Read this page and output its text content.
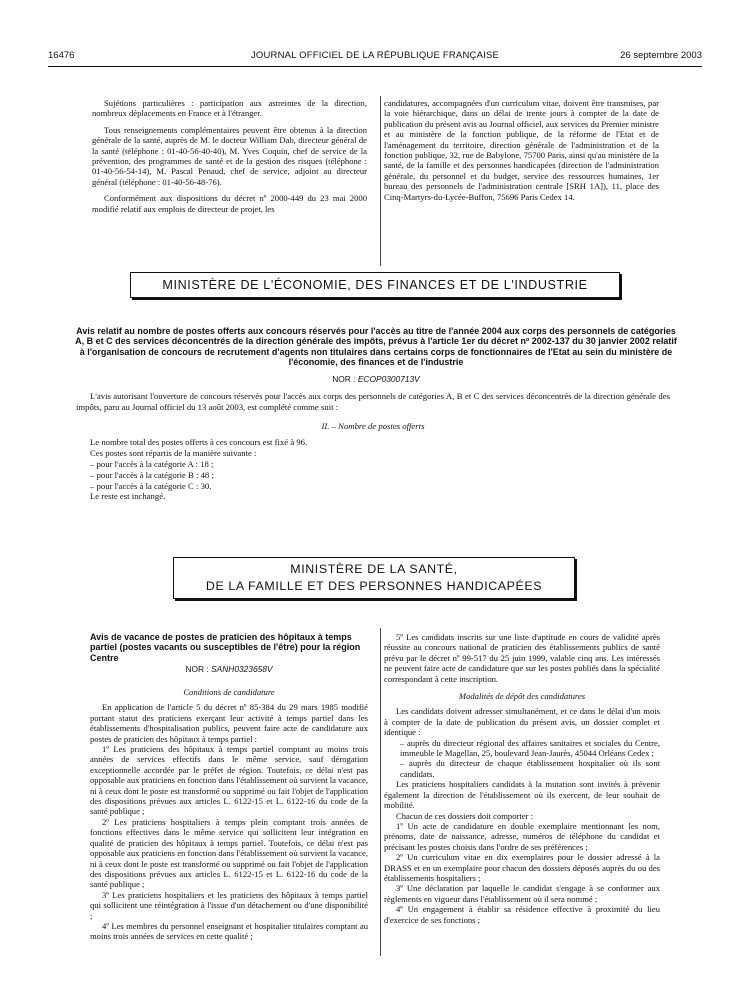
16476	JOURNAL OFFICIEL DE LA RÉPUBLIQUE FRANÇAISE	26 septembre 2003

Sujétions particulières : participation aux astreintes de la direction, nombreux déplacements en France et à l'étranger.

Tous renseignements complémentaires peuvent être obtenus à la direction générale de la santé, auprès de M. le docteur William Dab, directeur général de la santé (téléphone : 01-40-56-40-40), M. Yves Coquin, chef de service de la prévention, des programmes de santé et de la gestion des risques (téléphone : 01-40-56-54-14), M. Pascal Penaud, chef de service, adjoint au directeur général (téléphone : 01-40-56-48-76).

Conformément aux dispositions du décret nº 2000-449 du 23 mai 2000 modifié relatif aux emplois de directeur de projet, les

candidatures, accompagnées d'un curriculum vitae, doivent être transmises, par la voie hiérarchique, dans un délai de trente jours à compter de la date de publication du présent avis au Journal officiel, aux services du Premier ministre et au ministère de la fonction publique, de la réforme de l'Etat et de l'aménagement du territoire, direction générale de l'administration et de la fonction publique, 32, rue de Babylone, 75700 Paris, ainsi qu'au ministère de la santé, de la famille et des personnes handicapées (direction de l'administration générale, du personnel et du budget, service des ressources humaines, 1er bureau des personnels de l'administration centrale [SRH 1A]), 11, place des Cinq-Martyrs-du-Lycée-Buffon, 75696 Paris Cedex 14.

MINISTÈRE DE L'ÉCONOMIE, DES FINANCES ET DE L'INDUSTRIE
Avis relatif au nombre de postes offerts aux concours réservés pour l'accès au titre de l'année 2004 aux corps des personnels de catégories A, B et C des services déconcentrés de la direction générale des impôts, prévus à l'article 1er du décret nº 2002-137 du 30 janvier 2002 relatif à l'organisation de concours de recrutement d'agents non titulaires dans certains corps de fonctionnaires de l'Etat au sein du ministère de l'économie, des finances et de l'industrie
NOR : ECOP0300713V

L'avis autorisant l'ouverture de concours réservés pour l'accès aux corps des personnels de catégories A, B et C des services déconcentrés de la direction générale des impôts, paru au Journal officiel du 13 août 2003, est complété comme suit :

II. – Nombre de postes offerts

Le nombre total des postes offerts à ces concours est fixé à 96.

Ces postes sont répartis de la manière suivante :

– pour l'accès à la catégorie A : 18 ;

– pour l'accès à la catégorie B : 48 ;

– pour l'accès à la catégorie C : 30.

Le reste est inchangé.

MINISTÈRE DE LA SANTÉ,
DE LA FAMILLE ET DES PERSONNES HANDICAPÉES
Avis de vacance de postes de praticien des hôpitaux à temps partiel (postes vacants ou susceptibles de l'être) pour la région Centre
NOR : SANH0323658V

Conditions de candidature

En application de l'article 5 du décret nº 85-384 du 29 mars 1985 modifié portant statut des praticiens exerçant leur activité à temps partiel dans les établissements d'hospitalisation publics, peuvent faire acte de candidature aux postes de praticien des hôpitaux à temps partiel :

1º Les praticiens des hôpitaux à temps partiel comptant au moins trois années de services effectifs dans le même service, sauf dérogation exceptionnelle accordée par le préfet de région. Toutefois, ce délai n'est pas opposable aux praticiens en fonction dans l'établissement où survient la vacance, ni à ceux dont le poste est transformé ou supprimé ou fait l'objet de l'application des dispositions prévues aux articles L. 6122-15 et L. 6122-16 du code de la santé publique ;

2º Les praticiens hospitaliers à temps plein comptant trois années de fonctions effectives dans le même service qui sollicitent leur intégration en qualité de praticien des hôpitaux à temps partiel. Toutefois, ce délai n'est pas opposable aux praticiens en fonction dans l'établissement où survient la vacance, ni à ceux dont le poste est transformé ou supprimé ou fait l'objet de l'application des dispositions prévues aux articles L. 6122-15 et L. 6122-16 du code de la santé publique ;

3º Les praticiens hospitaliers et les praticiens des hôpitaux à temps partiel qui sollicitent une réintégration à l'issue d'un détachement ou d'une disponibilité ;

4º Les membres du personnel enseignant et hospitalier titulaires comptant au moins trois années de services en cette qualité ;

5º Les candidats inscrits sur une liste d'aptitude en cours de validité après réussite au concours national de praticien des établissements publics de santé prévu par le décret nº 99-517 du 25 juin 1999, valable cinq ans. Les intéressés ne peuvent faire acte de candidature que sur les postes publiés dans la spécialité correspondant à cette inscription.

Modalités de dépôt des candidatures

Les candidats doivent adresser simultanément, et ce dans le délai d'un mois à compter de la date de publication du présent avis, un dossier complet et identique :

– auprès du directeur régional des affaires sanitaires et sociales du Centre, immeuble le Magellan, 25, boulevard Jean-Jaurès, 45044 Orléans Cedex ;

– auprès du directeur de chaque établissement hospitalier où ils sont candidats.

Les praticiens hospitaliers candidats à la mutation sont invités à prévenir également la direction de l'établissement où ils exercent, de leur souhait de mobilité.

Chacun de ces dossiers doit comporter :

1º Un acte de candidature en double exemplaire mentionnant les nom, prénoms, date de naissance, adresse, numéros de téléphone du candidat et précisant les postes choisis dans l'ordre de ses préférences ;

2º Un curriculum vitae en dix exemplaires pour le dossier adressé à la DRASS et en un exemplaire pour chacun des dossiers déposés auprès du ou des établissements hospitaliers ;

3º Une déclaration par laquelle le candidat s'engage à se conformer aux règlements en vigueur dans l'établissement où il sera nommé ;

4º Un engagement à établir sa résidence effective à proximité du lieu d'exercice de ses fonctions ;
